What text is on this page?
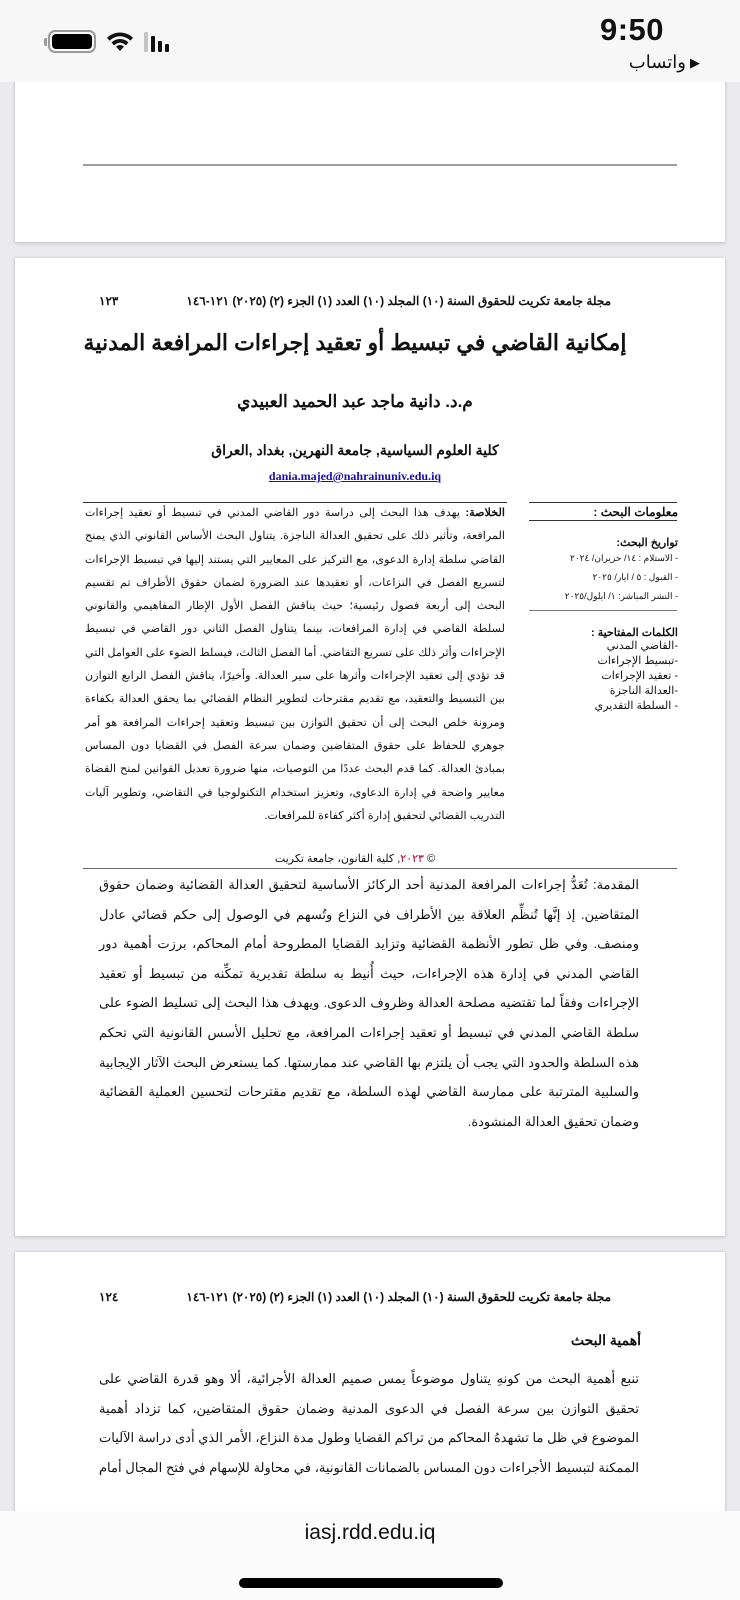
9:50
▶
واتساب
١٢٣	مجلة جامعة تكريت للحقوق السنة (١٠) المجلد (١٠) العدد (١) الجزء (٢) (٢٠٢٥) ١٢١-١٤٦
إمكانية القاضي في تبسيط أو تعقيد إجراءات المرافعة المدنية
م.د. دانية ماجد عبد الحميد العبيدي
كلية العلوم السياسية, جامعة النهرين, بغداد ,العراق
dania.majed@nahrainuniv.edu.iq
معلومات البحث :
تواريخ البحث:
- الاستلام : ١٤/ حزيران/ ٢٠٢٤
- القبول : ٥ / ايار/ ٢٠٢٥
- النشر المباشر: ١/ ايلول/٢٠٢٥
الكلمات المفتاحية :
-القاضي المدني
-تبسيط الإجراءات
- تعقيد الإجراءات
-العدالة الناجزة
- السلطة التقديري
الخلاصة: يهدف هذا البحث إلى دراسة دور القاضي المدني في تبسيط أو تعقيد إجراءات المرافعة، وتأثير ذلك على تحقيق العدالة الناجزة. يتناول البحث الأساس القانوني الذي يمنح القاضي سلطة إدارة الدعوى، مع التركيز على المعايير التي يستند إليها في تبسيط الإجراءات لتسريع الفصل في النزاعات، أو تعقيدها عند الضرورة لضمان حقوق الأطراف تم تقسيم البحث إلى أربعة فصول رئيسية؛ حيث يناقش الفصل الأول الإطار المفاهيمي والقانوني لسلطة القاضي في إدارة المرافعات، بينما يتناول الفصل الثاني دور القاضي في تبسيط الإجراءات وأثر ذلك على تسريع التقاضي. أما الفصل الثالث، فيسلط الضوء على العوامل التي قد تؤدي إلى تعقيد الإجراءات وأثرها على سير العدالة. وأخيرًا، يناقش الفصل الرابع التوازن بين التبسيط والتعقيد، مع تقديم مقترحات لتطوير النظام القضائي بما يحقق العدالة بكفاءة ومرونة خلص البحث إلى أن تحقيق التوازن بين تبسيط وتعقيد إجراءات المرافعة هو أمر جوهري للحفاظ على حقوق المتقاضين وضمان سرعة الفصل في القضايا دون المساس بمبادئ العدالة. كما قدم البحث عددًا من التوصيات، منها ضرورة تعديل القوانين لمنح القضاة معايير واضحة في إدارة الدعاوى، وتعزيز استخدام التكنولوجيا في التقاضي، وتطوير آليات التدريب القضائي لتحقيق إدارة أكثر كفاءة للمرافعات.
© ٢٠٢٣, كلية القانون، جامعة تكريت
المقدمة: تُعَدُّ إجراءات المرافعة المدنية أحد الركائز الأساسية لتحقيق العدالة القضائية وضمان حقوق المتقاضين. إذ إنَّها تُنظِّم العلاقة بين الأطراف في النزاع وتُسهم في الوصول إلى حكم قضائي عادل ومنصف. وفي ظل تطور الأنظمة القضائية وتزايد القضايا المطروحة أمام المحاكم، برزت أهمية دور القاضي المدني في إدارة هذه الإجراءات، حيث أُنيط به سلطة تقديرية تمكِّنه من تبسيط أو تعقيد الإجراءات وفقاً لما تقتضيه مصلحة العدالة وظروف الدعوى. ويهدف هذا البحث إلى تسليط الضوء على سلطة القاضي المدني في تبسيط أو تعقيد إجراءات المرافعة، مع تحليل الأسس القانونية التي تحكم هذه السلطة والحدود التي يجب أن يلتزم بها القاضي عند ممارستها. كما يستعرض البحث الآثار الإيجابية والسلبية المترتبة على ممارسة القاضي لهذه السلطة، مع تقديم مقترحات لتحسين العملية القضائية وضمان تحقيق العدالة المنشودة.
١٢٤	مجلة جامعة تكريت للحقوق السنة (١٠) المجلد (١٠) العدد (١) الجزء (٢) (٢٠٢٥) ١٢١-١٤٦
أهمية البحث
تنبع أهمية البحث من كونهِ يتناول موضوعاً يمس صميم العدالة الأجرائية، ألا وهو قدرة القاضي على تحقيق التوازن بين سرعة الفصل في الدعوى المدنية وضمان حقوق المتقاضين، كما تزداد أهمية الموضوع في ظل ما تشهدهُ المحاكم من تراكم القضايا وطول مدة النزاع، الأمر الذي أدى دراسة الآليات الممكنة لتبسيط الأجراءات دون المساس بالضمانات القانونية، في محاولة للإسهام في فتح المجال أمام
iasj.rdd.edu.iq
